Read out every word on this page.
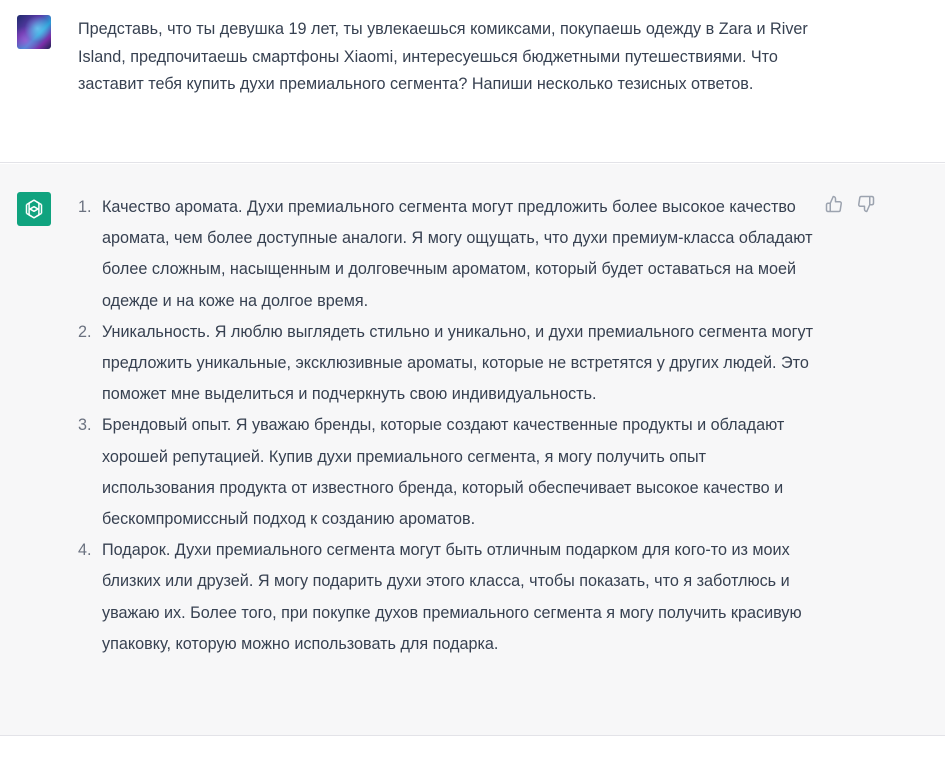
Представь, что ты девушка 19 лет, ты увлекаешься комиксами, покупаешь одежду в Zara и River Island, предпочитаешь смартфоны Xiaomi, интересуешься бюджетными путешествиями. Что заставит тебя купить духи премиального сегмента? Напиши несколько тезисных ответов.
1. Качество аромата. Духи премиального сегмента могут предложить более высокое качество аромата, чем более доступные аналоги. Я могу ощущать, что духи премиум-класса обладают более сложным, насыщенным и долговечным ароматом, который будет оставаться на моей одежде и на коже на долгое время.
2. Уникальность. Я люблю выглядеть стильно и уникально, и духи премиального сегмента могут предложить уникальные, эксклюзивные ароматы, которые не встретятся у других людей. Это поможет мне выделиться и подчеркнуть свою индивидуальность.
3. Брендовый опыт. Я уважаю бренды, которые создают качественные продукты и обладают хорошей репутацией. Купив духи премиального сегмента, я могу получить опыт использования продукта от известного бренда, который обеспечивает высокое качество и бескомпромиссный подход к созданию ароматов.
4. Подарок. Духи премиального сегмента могут быть отличным подарком для кого-то из моих близких или друзей. Я могу подарить духи этого класса, чтобы показать, что я заботлюсь и уважаю их. Более того, при покупке духов премиального сегмента я могу получить красивую упаковку, которую можно использовать для подарка.
